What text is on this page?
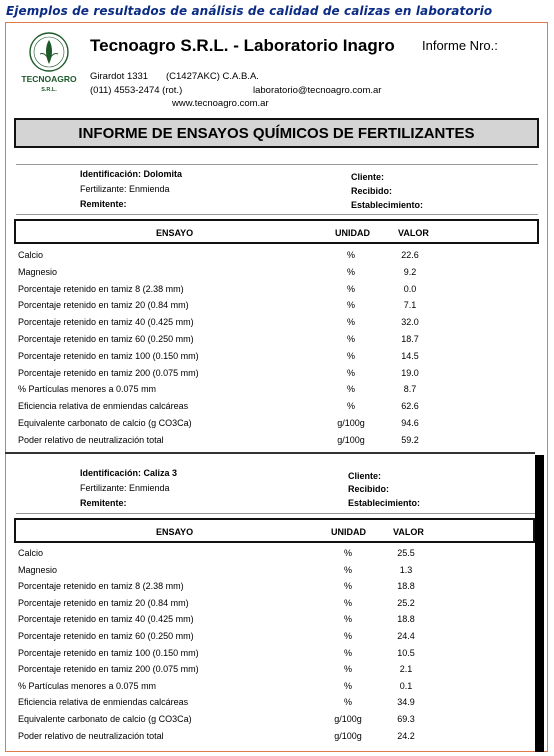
Ejemplos de resultados de análisis de calidad de calizas en laboratorio
TECNOAGRO
S.R.L.
Tecnoagro S.R.L. - Laboratorio Inagro Informe Nro.:
Girardot 1331 (C1427AKC) C.A.B.A.
(011) 4553-2474 (rot.)	laboratorio@tecnoagro.com.ar
www.tecnoagro.com.ar
INFORME DE ENSAYOS QUÍMICOS DE FERTILIZANTES
Identificación: Dolomita
Fertilizante: Enmienda
Remitente:
Cliente:
Recibido:
Establecimiento:
ENSAYO	UNIDAD	VALOR
Calcio	%	22.6
Magnesio	%	9.2
Porcentaje retenido en tamiz 8 (2.38 mm)	%	0.0
Porcentaje retenido en tamiz 20 (0.84 mm)	%	7.1
Porcentaje retenido en tamiz 40 (0.425 mm)	%	32.0
Porcentaje retenido en tamiz 60 (0.250 mm)	%	18.7
Porcentaje retenido en tamiz 100 (0.150 mm)	%	14.5
Porcentaje retenido en tamiz 200 (0.075 mm)	%	19.0
% Partículas menores a 0.075 mm	%	8.7
Eficiencia relativa de enmiendas calcáreas	%	62.6
Equivalente carbonato de calcio (g CO3Ca)	g/100g	94.6
Poder relativo de neutralización total	g/100g	59.2
Identificación: Caliza 3
Fertilizante: Enmienda
Remitente:
Cliente:
Recibido:
Establecimiento:
ENSAYO	UNIDAD	VALOR
Calcio	%	25.5
Magnesio	%	1.3
Porcentaje retenido en tamiz 8 (2.38 mm)	%	18.8
Porcentaje retenido en tamiz 20 (0.84 mm)	%	25.2
Porcentaje retenido en tamiz 40 (0.425 mm)	%	18.8
Porcentaje retenido en tamiz 60 (0.250 mm)	%	24.4
Porcentaje retenido en tamiz 100 (0.150 mm)	%	10.5
Porcentaje retenido en tamiz 200 (0.075 mm)	%	2.1
% Partículas menores a 0.075 mm	%	0.1
Eficiencia relativa de enmiendas calcáreas	%	34.9
Equivalente carbonato de calcio (g CO3Ca)	g/100g	69.3
Poder relativo de neutralización total	g/100g	24.2
